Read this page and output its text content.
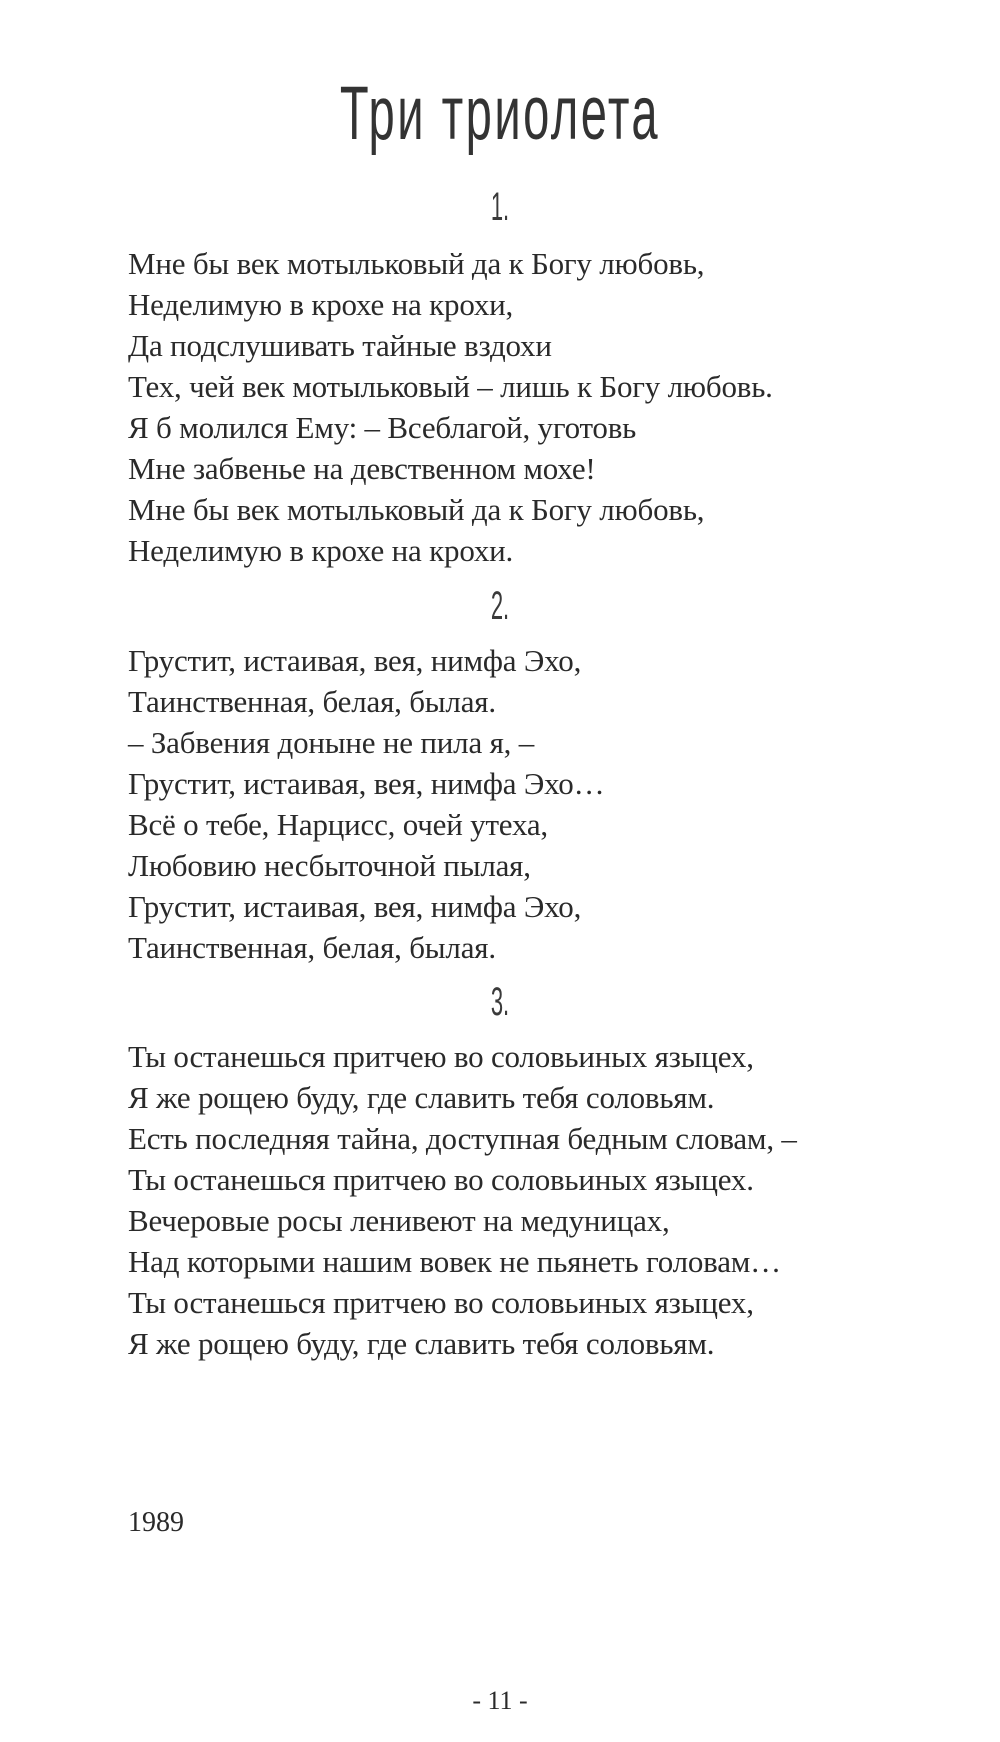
Три триолета
1.
Мне бы век мотыльковый да к Богу любовь,
Неделимую в крохе на крохи,
Да подслушивать тайные вздохи
Тех, чей век мотыльковый – лишь к Богу любовь.
Я б молился Ему: – Всеблагой, уготовь
Мне забвенье на девственном мохе!
Мне бы век мотыльковый да к Богу любовь,
Неделимую в крохе на крохи.
2.
Грустит, истаивая, вея, нимфа Эхо,
Таинственная, белая, былая.
– Забвения доныне не пила я, –
Грустит, истаивая, вея, нимфа Эхо…
Всё о тебе, Нарцисс, очей утеха,
Любовию несбыточной пылая,
Грустит, истаивая, вея, нимфа Эхо,
Таинственная, белая, былая.
3.
Ты останешься притчею во соловьиных языцех,
Я же рощею буду, где славить тебя соловьям.
Есть последняя тайна, доступная бедным словам, –
Ты останешься притчею во соловьиных языцех.
Вечеровые росы ленивеют на медуницах,
Над которыми нашим вовек не пьянеть головам…
Ты останешься притчею во соловьиных языцех,
Я же рощею буду, где славить тебя соловьям.
1989
- 11 -
